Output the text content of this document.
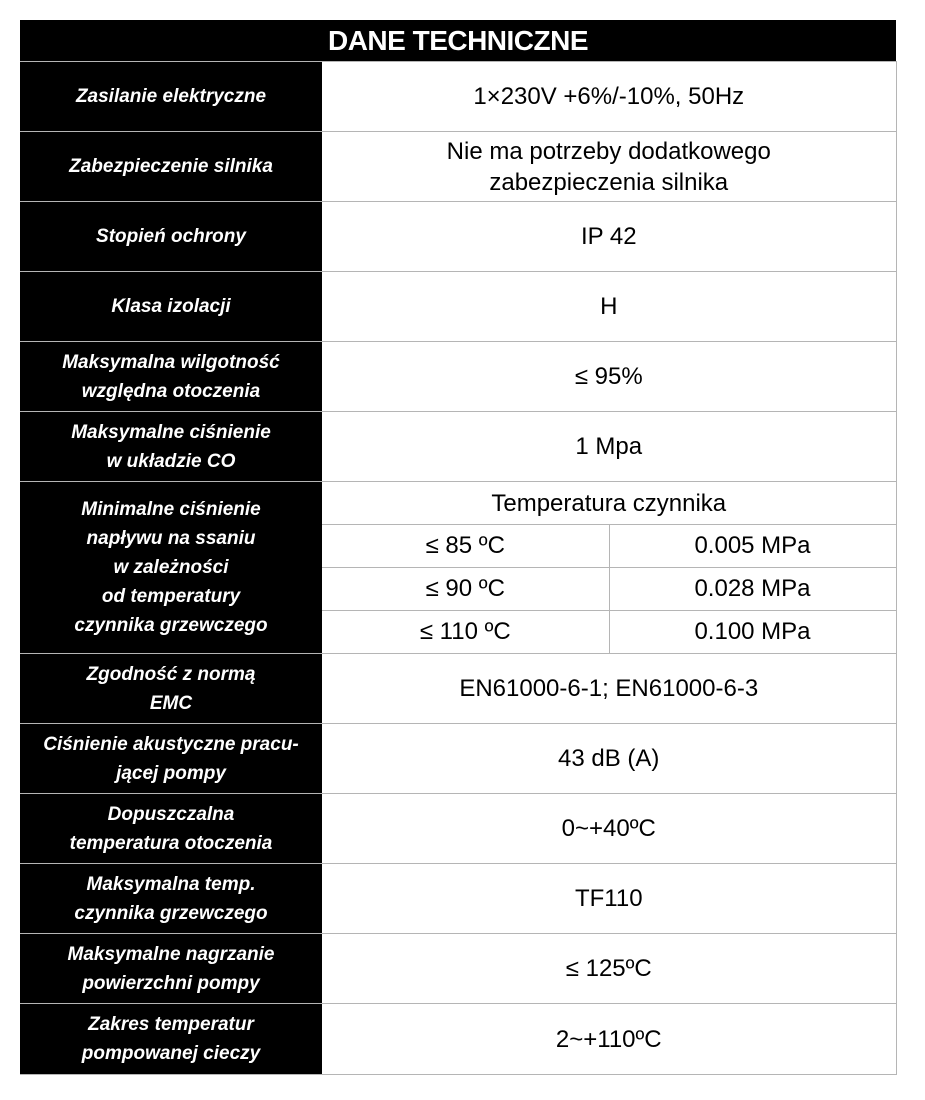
DANE TECHNICZNE		

Zasilanie elektryczne	1×230V +6%/-10%, 50Hz	

Zabezpieczenie silnika	Nie ma potrzeby dodatkowego
zabezpieczenia silnika	

Stopień ochrony	IP 42	

Klasa izolacji	H	

Maksymalna wilgotność
względna otoczenia	≤ 95%	

Maksymalne ciśnienie
w układzie CO	1 Mpa	

Minimalne ciśnienie
napływu na ssaniu
w zależności
od temperatury
czynnika grzewczego	Temperatura czynnika	
	≤ 85 ºC	0.005 MPa
	≤ 90 ºC	0.028 MPa
	≤ 110 ºC	0.100 MPa

Zgodność z normą
EMC	EN61000-6-1; EN61000-6-3	

Ciśnienie akustyczne pracu-
jącej pompy	43 dB (A)	

Dopuszczalna
temperatura otoczenia	0~+40ºC	

Maksymalna temp.
czynnika grzewczego	TF110	

Maksymalne nagrzanie
powierzchni pompy	≤ 125ºC	

Zakres temperatur
pompowanej cieczy	2~+110ºC	
